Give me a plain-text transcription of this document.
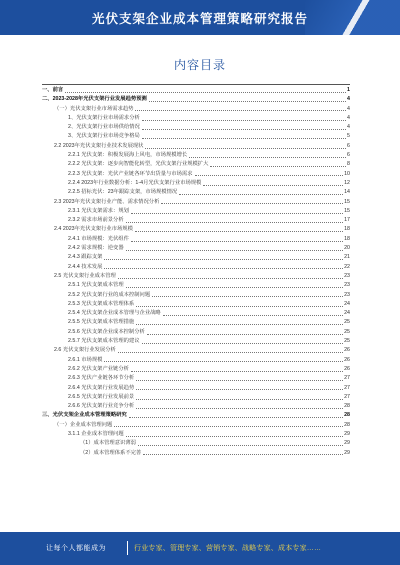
光伏支架企业成本管理策略研究报告
内容目录
一、前言	1
二、2023-2028年光伏支架行业发展趋势预测	4
（一）光伏支架行业市场需求趋势	4
1、光伏支架行业市场需求分析	4
2、光伏支架行业市场供给情况	4
3、光伏支架行业市场竞争格局	5
2.2 2023年光伏支架行业技术发展现状	6
2.2.1 光伏支架：积极发展海上风电，市场规模增长	6
2.2.2 光伏支架：逐步向智能化转型，光伏支架行业规模扩大	8
2.2.3 光伏支架：光伏产业链各环节出货量与市场需求	10
2.2.4 2023年行业数据分析：1-4月光伏支架行业市场规模	12
2.2.5 招标光伏：23年跟踪支架，市场规模情况	14
2.3 2023年光伏支架行业产能、需求情况分析	15
2.3.1 光伏支架需求：规划	15
2.3.2 需求市场前景分析	17
2.4 2023年光伏支架行业市场规模	18
2.4.1 市场规模：光伏组件	18
2.4.2 需求规模：逆变器	20
2.4.3 跟踪支架	21
2.4.4 技术发展	22
2.5 光伏支架行业成本管理	23
2.5.1 光伏支架成本管理	23
2.5.2 光伏支架行业的成本控制问题	23
2.5.3 光伏支架成本管理体系	24
2.5.4 光伏支架企业成本管理与企业战略	24
2.5.5 光伏支架成本管理措施	25
2.5.6 光伏支架企业成本控制分析	25
2.5.7 光伏支架成本管理的建议	25
2.6 光伏支架行业发展分析	26
2.6.1 市场规模	26
2.6.2 光伏支架产业链分析	26
2.6.3 光伏产业链各环节分析	27
2.6.4 光伏支架行业发展趋势	27
2.6.5 光伏支架行业发展前景	27
2.6.6 光伏支架行业竞争分析	28
三、光伏支架企业成本管理策略研究	28
（一）企业成本管理问题	28
3.1.1 企业成本管理问题	29
（1）成本管理意识薄弱	29
（2）成本管理体系不完善	29
让每个人都能成为	行业专家、管理专家、营销专家、战略专家、成本专家……
